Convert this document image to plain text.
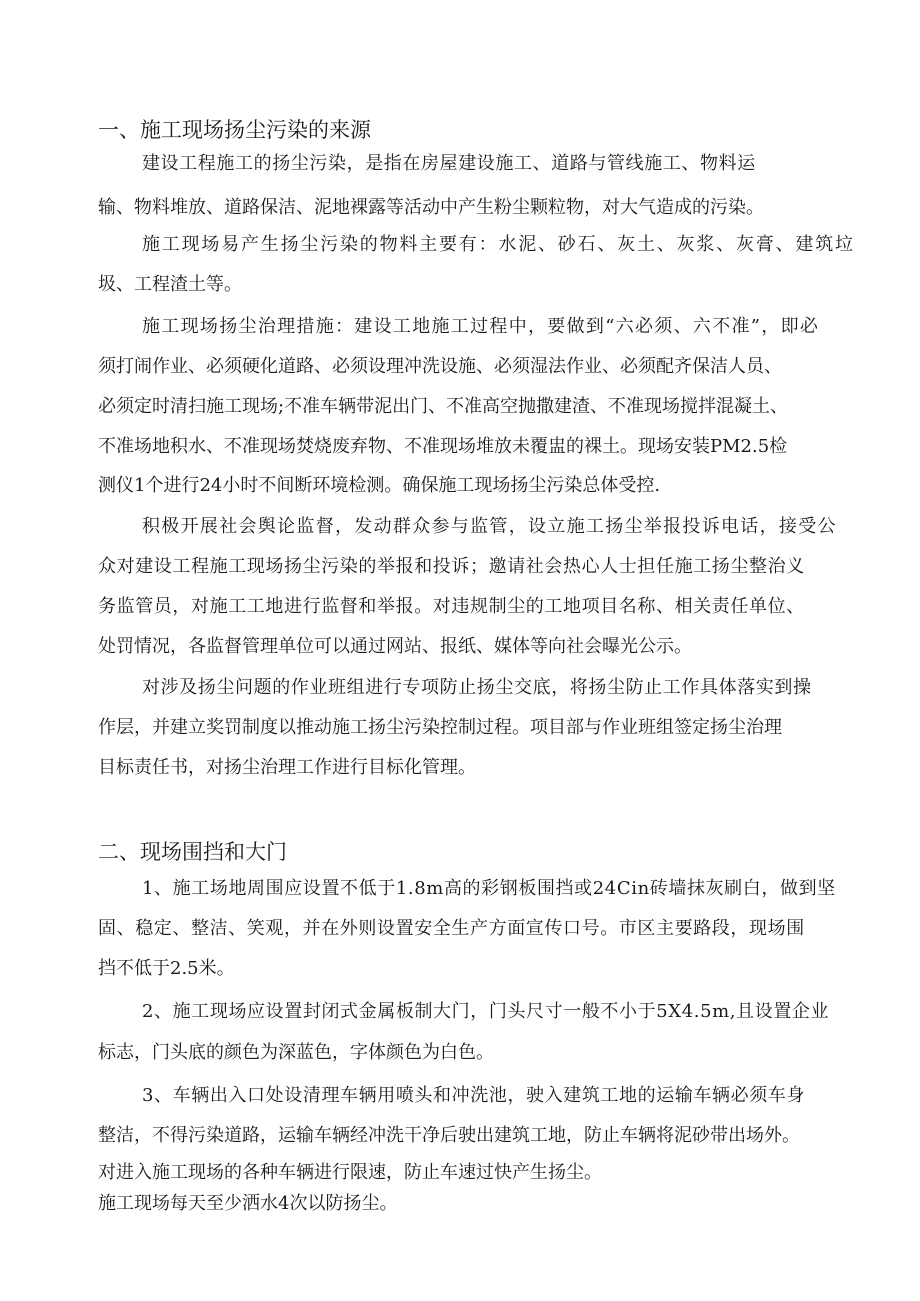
一、施工现场扬尘污染的来源

建设工程施工的扬尘污染，是指在房屋建设施工、道路与管线施工、物料运

输、物料堆放、道路保洁、泥地裸露等活动中产生粉尘颗粒物，对大气造成的污染。

施工现场易产生扬尘污染的物料主要有：水泥、砂石、灰土、灰浆、灰膏、建筑垃

圾、工程渣土等。

施工现场扬尘治理措施：建设工地施工过程中，要做到“六必须、六不准”，即必

须打闹作业、必须硬化道路、必须设理冲洗设施、必须湿法作业、必须配齐保洁人员、

必须定时清扫施工现场;不准车辆带泥出门、不准高空抛撒建渣、不准现场搅拌混凝土、

不准场地积水、不准现场焚烧废弃物、不准现场堆放未覆盅的裸土。现场安装PM2.5检

测仪1个进行24小时不间断环境检测。确保施工现场扬尘污染总体受控.

积极开展社会舆论监督，发动群众参与监管，设立施工扬尘举报投诉电话，接受公

众对建设工程施工现场扬尘污染的举报和投诉；邀请社会热心人士担任施工扬尘整治义

务监管员，对施工工地进行监督和举报。对违规制尘的工地项目名称、相关责任单位、

处罚情况，各监督管理单位可以通过网站、报纸、媒体等向社会曝光公示。

对涉及扬尘问题的作业班组进行专项防止扬尘交底，将扬尘防止工作具体落实到操

作层，并建立奖罚制度以推动施工扬尘污染控制过程。项目部与作业班组签定扬尘治理

目标责任书，对扬尘治理工作进行目标化管理。

二、现场围挡和大门

1、施工场地周围应设置不低于1.8m高的彩钢板围挡或24Cin砖墙抹灰刷白，做到坚

固、稳定、整洁、笑观，并在外则设置安全生产方面宣传口号。市区主要路段，现场围

挡不低于2.5米。

2、施工现场应设置封闭式金属板制大门，门头尺寸一般不小于5X4.5m,且设置企业

标志，门头底的颜色为深蓝色，字体颜色为白色。

3、车辆出入口处设清理车辆用喷头和冲洗池，驶入建筑工地的运输车辆必须车身

整洁，不得污染道路，运输车辆经冲洗干净后驶出建筑工地，防止车辆将泥砂带出场外。

对进入施工现场的各种车辆进行限速，防止车速过快产生扬尘。

施工现场每天至少洒水4次以防扬尘。
